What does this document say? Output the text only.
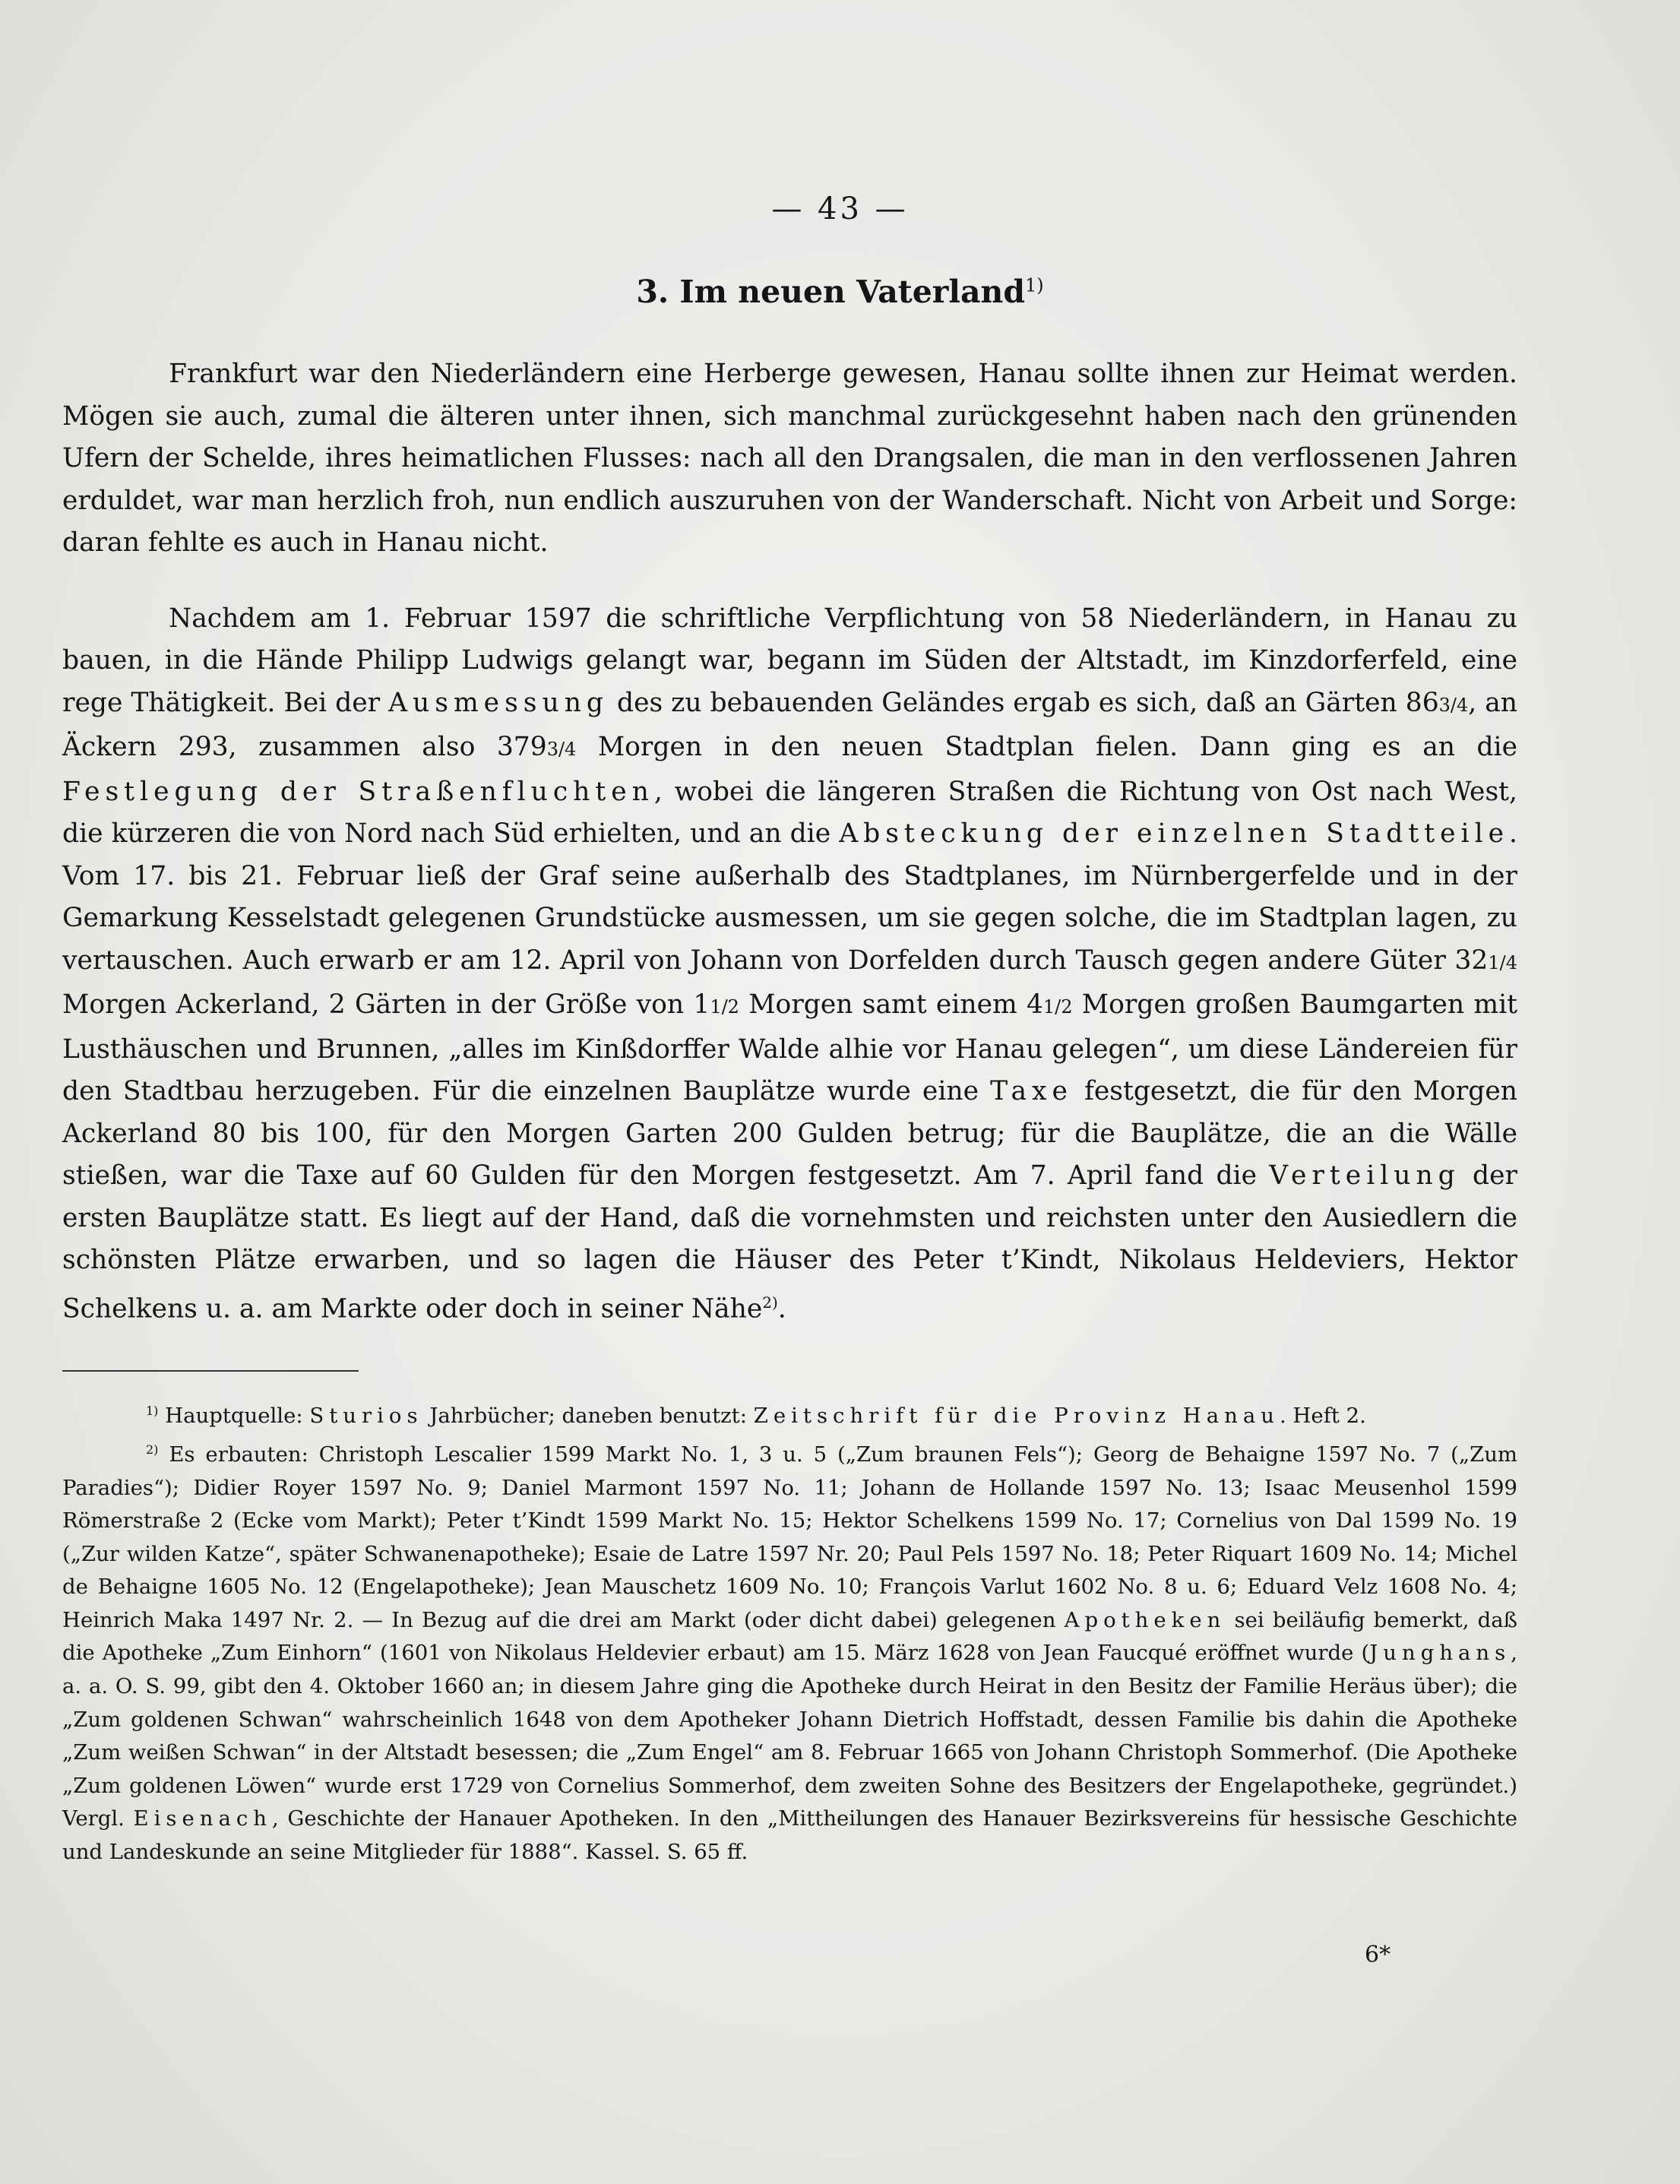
— 43 —
3. Im neuen Vaterland$^{1)}$

Frankfurt war den Niederländern eine Herberge gewesen, Hanau sollte ihnen zur Heimat werden. Mögen sie auch, zumal die älteren unter ihnen, sich manchmal zurückgesehnt haben nach den grünenden Ufern der Schelde, ihres heimatlichen Flusses: nach all den Drangsalen, die man in den verflossenen Jahren erduldet, war man herzlich froh, nun endlich auszuruhen von der Wanderschaft. Nicht von Arbeit und Sorge: daran fehlte es auch in Hanau nicht.

Nachdem am 1. Februar 1597 die schriftliche Verpflichtung von 58 Niederländern, in Hanau zu bauen, in die Hände Philipp Ludwigs gelangt war, begann im Süden der Altstadt, im Kinzdorferfeld, eine rege Thätigkeit. Bei der Ausmessung des zu bebauenden Geländes ergab es sich, daß an Gärten 863/4, an Äckern 293, zusammen also 3793/4 Morgen in den neuen Stadtplan fielen. Dann ging es an die Festlegung der Straßenfluchten, wobei die längeren Straßen die Richtung von Ost nach West, die kürzeren die von Nord nach Süd erhielten, und an die Absteckung der einzelnen Stadtteile. Vom 17. bis 21. Februar ließ der Graf seine außerhalb des Stadtplanes, im Nürnbergerfelde und in der Gemarkung Kesselstadt gelegenen Grundstücke ausmessen, um sie gegen solche, die im Stadtplan lagen, zu vertauschen. Auch erwarb er am 12. April von Johann von Dorfelden durch Tausch gegen andere Güter 321/4 Morgen Ackerland, 2 Gärten in der Größe von 11/2 Morgen samt einem 41/2 Morgen großen Baumgarten mit Lusthäuschen und Brunnen, „alles im Kinßdorffer Walde alhie vor Hanau gelegen“, um diese Ländereien für den Stadtbau herzugeben. Für die einzelnen Bauplätze wurde eine Taxe festgesetzt, die für den Morgen Ackerland 80 bis 100, für den Morgen Garten 200 Gulden betrug; für die Bauplätze, die an die Wälle stießen, war die Taxe auf 60 Gulden für den Morgen festgesetzt. Am 7. April fand die Verteilung der ersten Bauplätze statt. Es liegt auf der Hand, daß die vornehmsten und reichsten unter den Ausiedlern die schönsten Plätze erwarben, und so lagen die Häuser des Peter t’Kindt, Nikolaus Heldeviers, Hektor Schelkens u. a. am Markte oder doch in seiner Nähe$^{2)}$.

$^{1)}$ Hauptquelle: Sturios Jahrbücher; daneben benutzt: Zeitschrift für die Provinz Hanau. Heft 2.

$^{2)}$ Es erbauten: Christoph Lescalier 1599 Markt No. 1, 3 u. 5 („Zum braunen Fels“); Georg de Behaigne 1597 No. 7 („Zum Paradies“); Didier Royer 1597 No. 9; Daniel Marmont 1597 No. 11; Johann de Hollande 1597 No. 13; Isaac Meusenhol 1599 Römerstraße 2 (Ecke vom Markt); Peter t’Kindt 1599 Markt No. 15; Hektor Schelkens 1599 No. 17; Cornelius von Dal 1599 No. 19 („Zur wilden Katze“, später Schwanenapotheke); Esaie de Latre 1597 Nr. 20; Paul Pels 1597 No. 18; Peter Riquart 1609 No. 14; Michel de Behaigne 1605 No. 12 (Engelapotheke); Jean Mauschetz 1609 No. 10; François Varlut 1602 No. 8 u. 6; Eduard Velz 1608 No. 4; Heinrich Maka 1497 Nr. 2. — In Bezug auf die drei am Markt (oder dicht dabei) gelegenen Apotheken sei beiläufig bemerkt, daß die Apotheke „Zum Einhorn“ (1601 von Nikolaus Heldevier erbaut) am 15. März 1628 von Jean Faucqué eröffnet wurde (Junghans, a. a. O. S. 99, gibt den 4. Oktober 1660 an; in diesem Jahre ging die Apotheke durch Heirat in den Besitz der Familie Heräus über); die „Zum goldenen Schwan“ wahrscheinlich 1648 von dem Apotheker Johann Dietrich Hoffstadt, dessen Familie bis dahin die Apotheke „Zum weißen Schwan“ in der Altstadt besessen; die „Zum Engel“ am 8. Februar 1665 von Johann Christoph Sommerhof. (Die Apotheke „Zum goldenen Löwen“ wurde erst 1729 von Cornelius Sommerhof, dem zweiten Sohne des Besitzers der Engelapotheke, gegründet.) Vergl. Eisenach, Geschichte der Hanauer Apotheken. In den „Mittheilungen des Hanauer Bezirksvereins für hessische Geschichte und Landeskunde an seine Mitglieder für 1888“. Kassel. S. 65 ff.

6*
